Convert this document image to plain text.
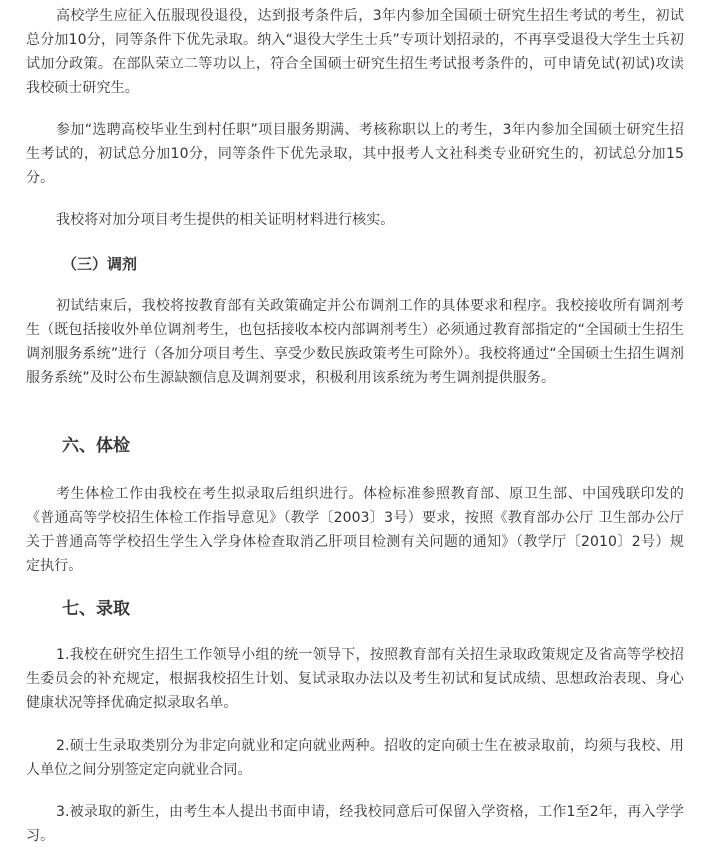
高校学生应征入伍服现役退役，达到报考条件后，3年内参加全国硕士研究生招生考试的考生，初试总分加10分，同等条件下优先录取。纳入“退役大学生士兵”专项计划招录的，不再享受退役大学生士兵初试加分政策。在部队荣立二等功以上，符合全国硕士研究生招生考试报考条件的，可申请免试(初试)攻读我校硕士研究生。

参加“选聘高校毕业生到村任职”项目服务期满、考核称职以上的考生，3年内参加全国硕士研究生招生考试的，初试总分加10分，同等条件下优先录取，其中报考人文社科类专业研究生的，初试总分加15分。

我校将对加分项目考生提供的相关证明材料进行核实。

（三）调剂

初试结束后，我校将按教育部有关政策确定并公布调剂工作的具体要求和程序。我校接收所有调剂考生（既包括接收外单位调剂考生，也包括接收本校内部调剂考生）必须通过教育部指定的“全国硕士生招生调剂服务系统”进行（各加分项目考生、享受少数民族政策考生可除外）。我校将通过“全国硕士生招生调剂服务系统”及时公布生源缺额信息及调剂要求，积极利用该系统为考生调剂提供服务。

六、体检

考生体检工作由我校在考生拟录取后组织进行。体检标准参照教育部、原卫生部、中国残联印发的《普通高等学校招生体检工作指导意见》（教学〔2003〕3号）要求，按照《教育部办公厅 卫生部办公厅关于普通高等学校招生学生入学身体检查取消乙肝项目检测有关问题的通知》（教学厅〔2010〕2号）规定执行。

七、录取

1.我校在研究生招生工作领导小组的统一领导下，按照教育部有关招生录取政策规定及省高等学校招生委员会的补充规定，根据我校招生计划、复试录取办法以及考生初试和复试成绩、思想政治表现、身心健康状况等择优确定拟录取名单。

2.硕士生录取类别分为非定向就业和定向就业两种。招收的定向硕士生在被录取前，均须与我校、用人单位之间分别签定定向就业合同。

3.被录取的新生，由考生本人提出书面申请，经我校同意后可保留入学资格，工作1至2年，再入学学习。
